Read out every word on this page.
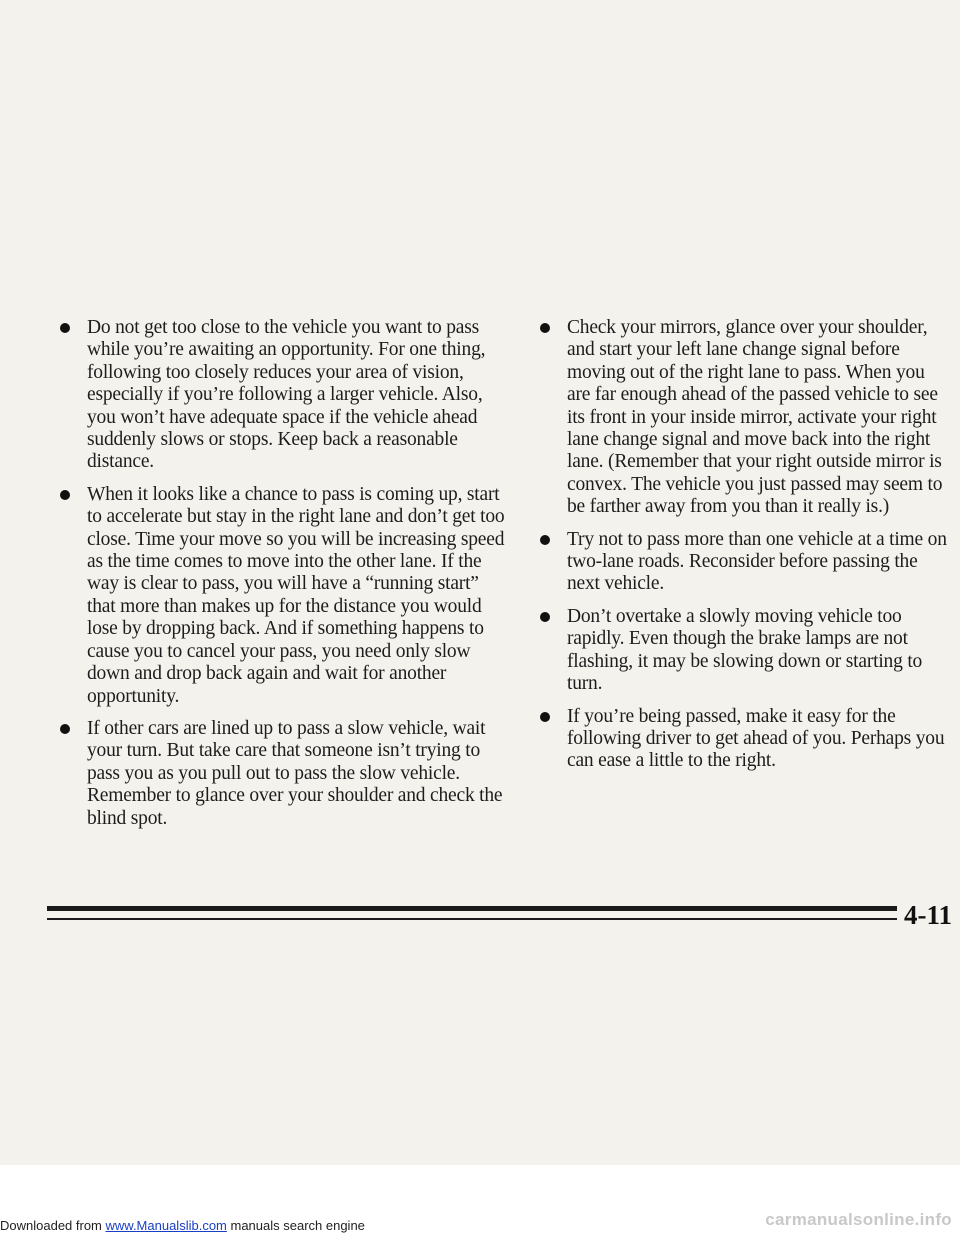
Do not get too close to the vehicle you want to pass while you’re awaiting an opportunity. For one thing, following too closely reduces your area of vision, especially if you’re following a larger vehicle. Also, you won’t have adequate space if the vehicle ahead suddenly slows or stops. Keep back a reasonable distance.
When it looks like a chance to pass is coming up, start to accelerate but stay in the right lane and don’t get too close. Time your move so you will be increasing speed as the time comes to move into the other lane. If the way is clear to pass, you will have a “running start” that more than makes up for the distance you would lose by dropping back. And if something happens to cause you to cancel your pass, you need only slow down and drop back again and wait for another opportunity.
If other cars are lined up to pass a slow vehicle, wait your turn. But take care that someone isn’t trying to pass you as you pull out to pass the slow vehicle. Remember to glance over your shoulder and check the blind spot.
Check your mirrors, glance over your shoulder, and start your left lane change signal before moving out of the right lane to pass. When you are far enough ahead of the passed vehicle to see its front in your inside mirror, activate your right lane change signal and move back into the right lane. (Remember that your right outside mirror is convex. The vehicle you just passed may seem to be farther away from you than it really is.)
Try not to pass more than one vehicle at a time on two-lane roads. Reconsider before passing the next vehicle.
Don’t overtake a slowly moving vehicle too rapidly. Even though the brake lamps are not flashing, it may be slowing down or starting to turn.
If you’re being passed, make it easy for the following driver to get ahead of you. Perhaps you can ease a little to the right.
4-11
Downloaded from www.Manualslib.com manuals search engine	carmanualsonline.info
